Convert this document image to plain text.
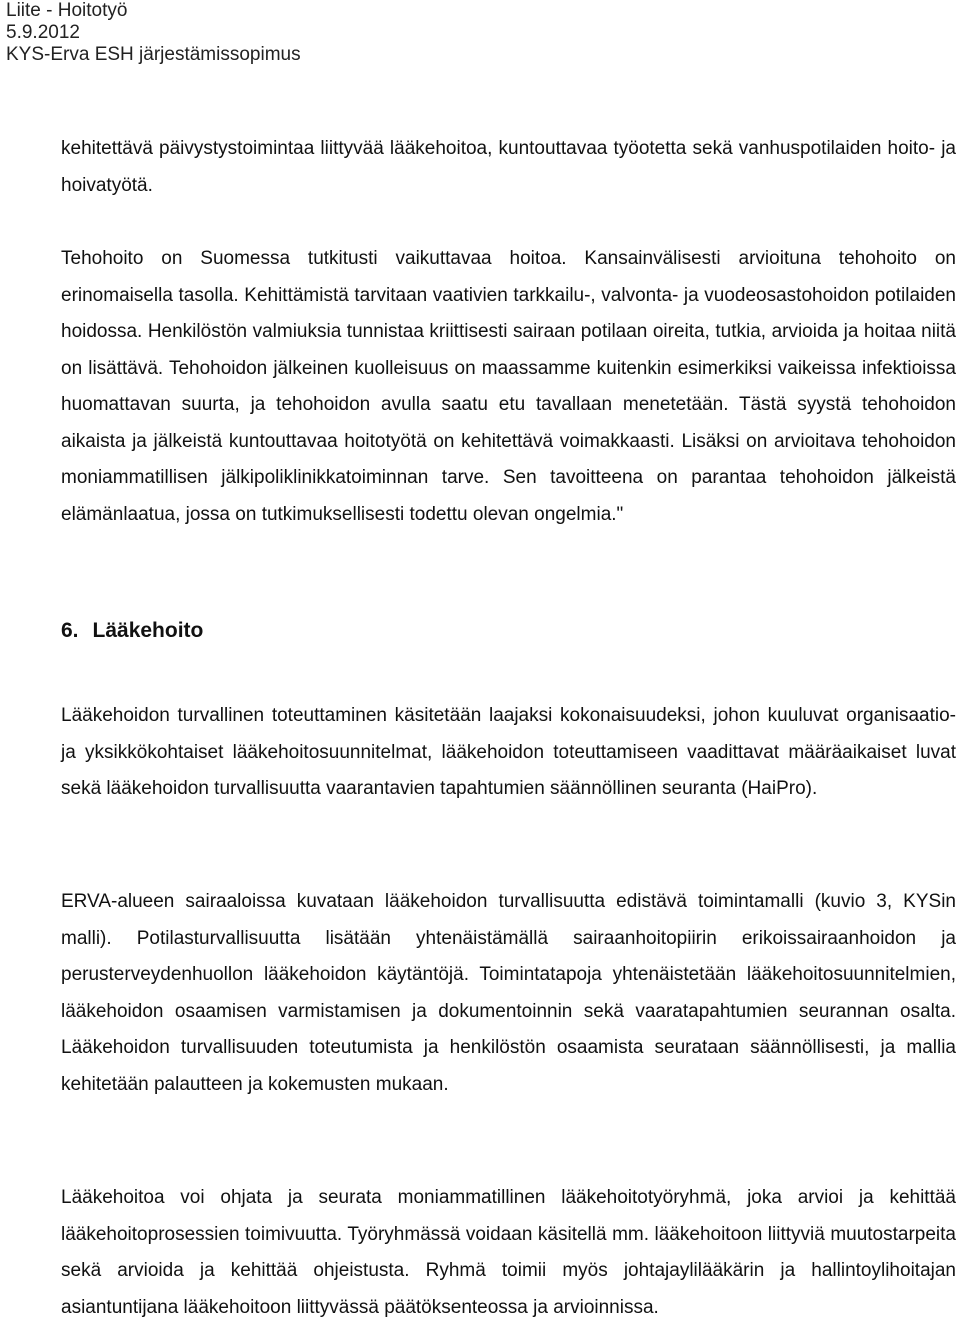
Liite - Hoitotyö
5.9.2012
KYS-Erva ESH järjestämissopimus

kehitettävä päivystystoimintaa liittyvää lääkehoitoa, kuntouttavaa työotetta sekä vanhuspotilaiden hoito- ja hoivatyötä.

Tehohoito on Suomessa tutkitusti vaikuttavaa hoitoa. Kansainvälisesti arvioituna tehohoito on erinomaisella tasolla. Kehittämistä tarvitaan vaativien tarkkailu-, valvonta- ja vuodeosastohoidon potilaiden hoidossa. Henkilöstön valmiuksia tunnistaa kriittisesti sairaan potilaan oireita, tutkia, arvioida ja hoitaa niitä on lisättävä. Tehohoidon jälkeinen kuolleisuus on maassamme kuitenkin esimerkiksi vaikeissa infektioissa huomattavan suurta, ja tehohoidon avulla saatu etu tavallaan menetetään. Tästä syystä tehohoidon aikaista ja jälkeistä kuntouttavaa hoitotyötä on kehitettävä voimakkaasti. Lisäksi on arvioitava tehohoidon moniammatillisen jälkipoliklinikkatoiminnan tarve. Sen tavoitteena on parantaa tehohoidon jälkeistä elämänlaatua, jossa on tutkimuksellisesti todettu olevan ongelmia."

6. Lääkehoito

Lääkehoidon turvallinen toteuttaminen käsitetään laajaksi kokonaisuudeksi, johon kuuluvat organisaatio- ja yksikkökohtaiset lääkehoitosuunnitelmat, lääkehoidon toteuttamiseen vaadittavat määräaikaiset luvat sekä lääkehoidon turvallisuutta vaarantavien tapahtumien säännöllinen seuranta (HaiPro).

ERVA-alueen sairaaloissa kuvataan lääkehoidon turvallisuutta edistävä toimintamalli (kuvio 3, KYSin malli). Potilasturvallisuutta lisätään yhtenäistämällä sairaanhoitopiirin erikoissairaanhoidon ja perusterveydenhuollon lääkehoidon käytäntöjä. Toimintatapoja yhtenäistetään lääkehoitosuunnitelmien, lääkehoidon osaamisen varmistamisen ja dokumentoinnin sekä vaaratapahtumien seurannan osalta. Lääkehoidon turvallisuuden toteutumista ja henkilöstön osaamista seurataan säännöllisesti, ja mallia kehitetään palautteen ja kokemusten mukaan.

Lääkehoitoa voi ohjata ja seurata moniammatillinen lääkehoitotyöryhmä, joka arvioi ja kehittää lääkehoitoprosessien toimivuutta. Työryhmässä voidaan käsitellä mm. lääkehoitoon liittyviä muutostarpeita sekä arvioida ja kehittää ohjeistusta. Ryhmä toimii myös johtajaylilääkärin ja hallintoylihoitajan asiantuntijana lääkehoitoon liittyvässä päätöksenteossa ja arvioinnissa.
